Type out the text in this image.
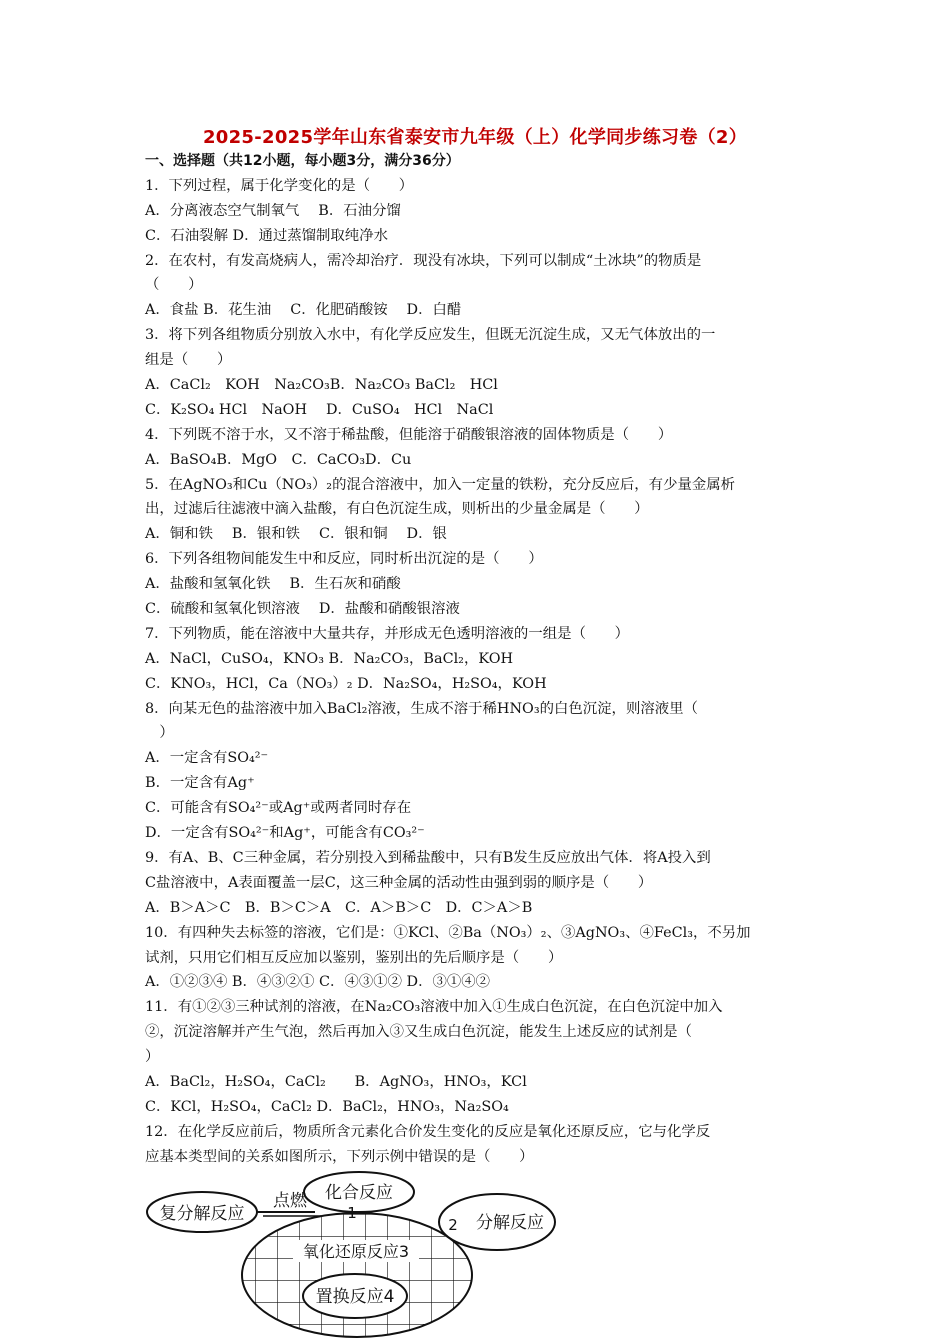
2025-2025学年山东省泰安市九年级（上）化学同步练习卷（2）
一、选择题（共12小题，每小题3分，满分36分）
1．下列过程，属于化学变化的是（　　）
A．分离液态空气制氧气　 B．石油分馏
C．石油裂解 D．通过蒸馏制取纯净水
2．在农村，有发高烧病人，需冷却治疗．现没有冰块，下列可以制成“土冰块”的物质是
（　　）
A．食盐 B．花生油　 C．化肥硝酸铵　 D．白醋
3．将下列各组物质分别放入水中，有化学反应发生，但既无沉淀生成，又无气体放出的一
组是（　　）
A．CaCl₂　KOH　Na₂CO₃B．Na₂CO₃ BaCl₂　HCl
C．K₂SO₄ HCl　NaOH　 D．CuSO₄　HCl　NaCl
4．下列既不溶于水，又不溶于稀盐酸，但能溶于硝酸银溶液的固体物质是（　　）
A．BaSO₄B．MgO　C．CaCO₃D．Cu
5．在AgNO₃和Cu（NO₃）₂的混合溶液中，加入一定量的铁粉，充分反应后，有少量金属析
出，过滤后往滤液中滴入盐酸，有白色沉淀生成，则析出的少量金属是（　　）
A．铜和铁　 B．银和铁　 C．银和铜　 D．银
6．下列各组物间能发生中和反应，同时析出沉淀的是（　　）
A．盐酸和氢氧化铁　 B．生石灰和硝酸
C．硫酸和氢氧化钡溶液　 D．盐酸和硝酸银溶液
7．下列物质，能在溶液中大量共存，并形成无色透明溶液的一组是（　　）
A．NaCl，CuSO₄，KNO₃ B．Na₂CO₃，BaCl₂，KOH
C．KNO₃，HCl，Ca（NO₃）₂ D．Na₂SO₄，H₂SO₄，KOH
8．向某无色的盐溶液中加入BaCl₂溶液，生成不溶于稀HNO₃的白色沉淀，则溶液里（
　）
A．一定含有SO₄²⁻
B．一定含有Ag⁺
C．可能含有SO₄²⁻或Ag⁺或两者同时存在
D．一定含有SO₄²⁻和Ag⁺，可能含有CO₃²⁻
9．有A、B、C三种金属，若分别投入到稀盐酸中，只有B发生反应放出气体．将A投入到
C盐溶液中，A表面覆盖一层C，这三种金属的活动性由强到弱的顺序是（　　）
A．B＞A＞C　B．B＞C＞A　C．A＞B＞C　D．C＞A＞B
10．有四种失去标签的溶液，它们是：①KCl、②Ba（NO₃）₂、③AgNO₃、④FeCl₃，不另加
试剂，只用它们相互反应加以鉴别，鉴别出的先后顺序是（　　）
A．①②③④ B．④③②① C．④③①② D．③①④②
11．有①②③三种试剂的溶液，在Na₂CO₃溶液中加入①生成白色沉淀，在白色沉淀中加入
②，沉淀溶解并产生气泡，然后再加入③又生成白色沉淀，能发生上述反应的试剂是（
）
A．BaCl₂，H₂SO₄，CaCl₂　　B．AgNO₃，HNO₃，KCl
C．KCl，H₂SO₄，CaCl₂ D．BaCl₂，HNO₃，Na₂SO₄
12．在化学反应前后，物质所含元素化合价发生变化的反应是氧化还原反应，它与化学反
应基本类型间的关系如图所示，下列示例中错误的是（　　）
复分解反应
点燃 化合反应
1
2 分解反应
氧化还原反应3
置换反应4
